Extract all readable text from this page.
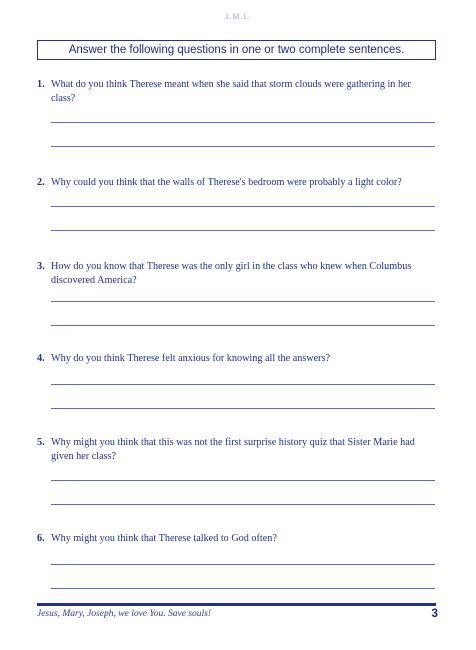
I.M.I.
Answer the following questions in one or two complete sentences.
1. What do you think Therese meant when she said that storm clouds were gathering in her class?
2. Why could you think that the walls of Therese's bedroom were probably a light color?
3. How do you know that Therese was the only girl in the class who knew when Columbus discovered America?
4. Why do you think Therese felt anxious for knowing all the answers?
5. Why might you think that this was not the first surprise history quiz that Sister Marie had given her class?
6. Why might you think that Therese talked to God often?
Jesus, Mary, Joseph, we love You. Save souls!	3
